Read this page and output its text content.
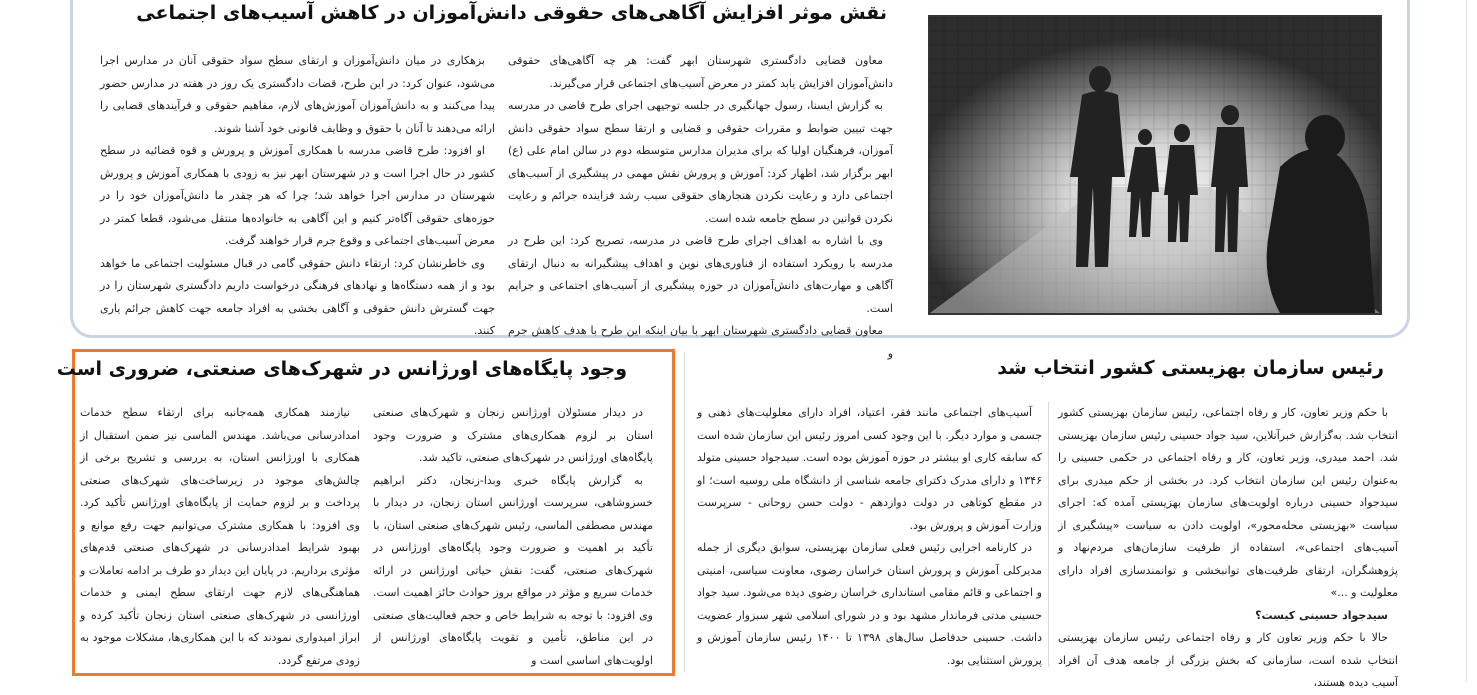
نقش موثر افزایش آگاهی‌های حقوقی دانش‌آموزان در کاهش آسیب‌های اجتماعی

معاون قضایی دادگستری شهرستان ابهر گفت: هر چه آگاهی‌های حقوقی دانش‌آموزان افزایش یابد کمتر در معرض آسیب‌های اجتماعی قرار می‌گیرند.

به گزارش ایسنا، رسول جهانگیری در جلسه توجیهی اجرای طرح قاضی در مدرسه جهت تبیین ضوابط و مقررات حقوقی و قضایی و ارتقا سطح سواد حقوقی دانش آموزان، فرهنگیان اولیا که برای مدیران مدارس متوسطه دوم در سالن امام علی (ع) ابهر برگزار شد، اظهار کرد: آموزش و پرورش نقش مهمی در پیشگیری از آسیب‌های اجتماعی دارد و رعایت نکردن هنجارهای حقوقی سبب رشد فزاینده جرائم و رعایت نکردن قوانین در سطح جامعه شده است.

وی با اشاره به اهداف اجرای طرح قاضی در مدرسه، تصریح کرد: این طرح در مدرسه با رویکرد استفاده از فناوری‌های نوین و اهداف پیشگیرانه به دنبال ارتقای آگاهی و مهارت‌های دانش‌آموزان در حوزه پیشگیری از آسیب‌های اجتماعی و جرایم است.

معاون قضایی دادگستری شهرستان ابهر با بیان اینکه این طرح با هدف کاهش جرم و

بزهکاری در میان دانش‌آموزان و ارتقای سطح سواد حقوقی آنان در مدارس اجرا می‌شود، عنوان کرد: در این طرح، قضات دادگستری یک روز در هفته در مدارس حضور پیدا می‌کنند و به دانش‌آموزان آموزش‌های لازم، مفاهیم حقوقی و فرآیندهای قضایی را ارائه می‌دهند تا آنان با حقوق و وظایف قانونی خود آشنا شوند.

او افزود: طرح قاضی مدرسه با همکاری آموزش و پرورش و قوه قضائیه در سطح کشور در حال اجرا است و در شهرستان ابهر نیز به زودی با همکاری آموزش و پرورش شهرستان در مدارس اجرا خواهد شد؛ چرا که هر چقدر ما دانش‌آموزان خود را در حوزه‌های حقوقی آگاه‌تر کنیم و این آگاهی به خانواده‌ها منتقل می‌شود، قطعا کمتر در معرض آسیب‌های اجتماعی و وقوع جرم قرار خواهند گرفت.

وی خاطرنشان کرد: ارتقاء دانش حقوقی گامی در قبال مسئولیت اجتماعی ما خواهد بود و از همه دستگاه‌ها و نهادهای فرهنگی درخواست داریم دادگستری شهرستان را در جهت گسترش دانش حقوقی و آگاهی بخشی به افراد جامعه جهت کاهش جرائم یاری کنند.

رئیس سازمان بهزیستی کشور انتخاب شد

با حکم وزیر تعاون، کار و رفاه اجتماعی، رئیس سازمان بهزیستی کشور انتخاب شد. به‌گزارش خبرآنلاین، سید جواد حسینی رئیس سازمان بهزیستی شد. احمد میدری، وزیر تعاون، کار و رفاه اجتماعی در حکمی حسینی را به‌عنوان رئیس این سازمان انتخاب کرد. در بخشی از حکم میدری برای سیدجواد حسینی درباره اولویت‌های سازمان بهزیستی آمده که: اجرای سیاست «بهزیستی محله‌محور»، اولویت دادن به سیاست «پیشگیری از آسیب‌های اجتماعی»، استفاده از ظرفیت سازمان‌های مردم‌نهاد و پژوهشگران، ارتقای ظرفیت‌های توانبخشی و توانمندسازی افراد دارای معلولیت و ...»

سیدجواد حسینی کیست؟

حالا با حکم وزیر تعاون کار و رفاه اجتماعی رئیس سازمان بهزیستی انتخاب شده است، سازمانی که بخش بزرگی از جامعه هدف آن افراد آسیب دیده هستند،

آسیب‌های اجتماعی مانند فقر، اعتیاد، افراد دارای معلولیت‌های ذهنی و جسمی و موارد دیگر. با این وجود کسی امروز رئیس این سازمان شده است که سابقه کاری او بیشتر در حوزه آموزش بوده است. سیدجواد حسینی متولد ۱۳۴۶ و دارای مدرک دکترای جامعه شناسی از دانشگاه ملی روسیه است؛ او در مقطع کوتاهی در دولت دوازدهم - دولت حسن روحانی - سرپرست وزارت آموزش و پرورش بود.

در کارنامه اجرایی رئیس فعلی سازمان بهزیستی، سوابق دیگری از جمله مدیرکلی آموزش و پرورش استان خراسان رضوی، معاونت سیاسی، امنیتی و اجتماعی و قائم مقامی استانداری خراسان رضوی دیده می‌شود. سید جواد حسینی مدتی فرماندار مشهد بود و در شورای اسلامی شهر سبزوار عضویت داشت. حسینی حدفاصل سال‌های ۱۳۹۸ تا ۱۴۰۰ رئیس سازمان آموزش و پرورش استثنایی بود.

وجود پایگاه‌های اورژانس در شهرک‌های صنعتی، ضروری است

در دیدار مسئولان اورژانس زنجان و شهرک‌های صنعتی استان بر لزوم همکاری‌های مشترک و ضرورت وجود پایگاه‌های اورژانس در شهرک‌های صنعتی، تاکید شد.

به گزارش پایگاه خبری وبدا-زنجان، دکتر ابراهیم خسروشاهی، سرپرست اورژانس استان زنجان، در دیدار با مهندس مصطفی الماسی، رئیس شهرک‌های صنعتی استان، با تأکید بر اهمیت و ضرورت وجود پایگاه‌های اورژانس در شهرک‌های صنعتی، گفت: نقش حیاتی اورژانس در ارائه خدمات سریع و مؤثر در مواقع بروز حوادث حائز اهمیت است. وی افزود: با توجه به شرایط خاص و حجم فعالیت‌های صنعتی در این مناطق، تأمین و تقویت پایگاه‌های اورژانس از اولویت‌های اساسی است و

نیازمند همکاری همه‌جانبه برای ارتقاء سطح خدمات امدادرسانی می‌باشد. مهندس الماسی نیز ضمن استقبال از همکاری با اورژانس استان، به بررسی و تشریح برخی از چالش‌های موجود در زیرساخت‌های شهرک‌های صنعتی پرداخت و بر لزوم حمایت از پایگاه‌های اورژانس تأکید کرد. وی افزود: با همکاری مشترک می‌توانیم جهت رفع موانع و بهبود شرایط امدادرسانی در شهرک‌های صنعتی قدم‌های مؤثری برداریم. در پایان این دیدار دو طرف بر ادامه تعاملات و هماهنگی‌های لازم جهت ارتقای سطح ایمنی و خدمات اورژانسی در شهرک‌های صنعتی استان زنجان تأکید کرده و ابراز امیدواری نمودند که با این همکاری‌ها، مشکلات موجود به زودی مرتفع گردد.
